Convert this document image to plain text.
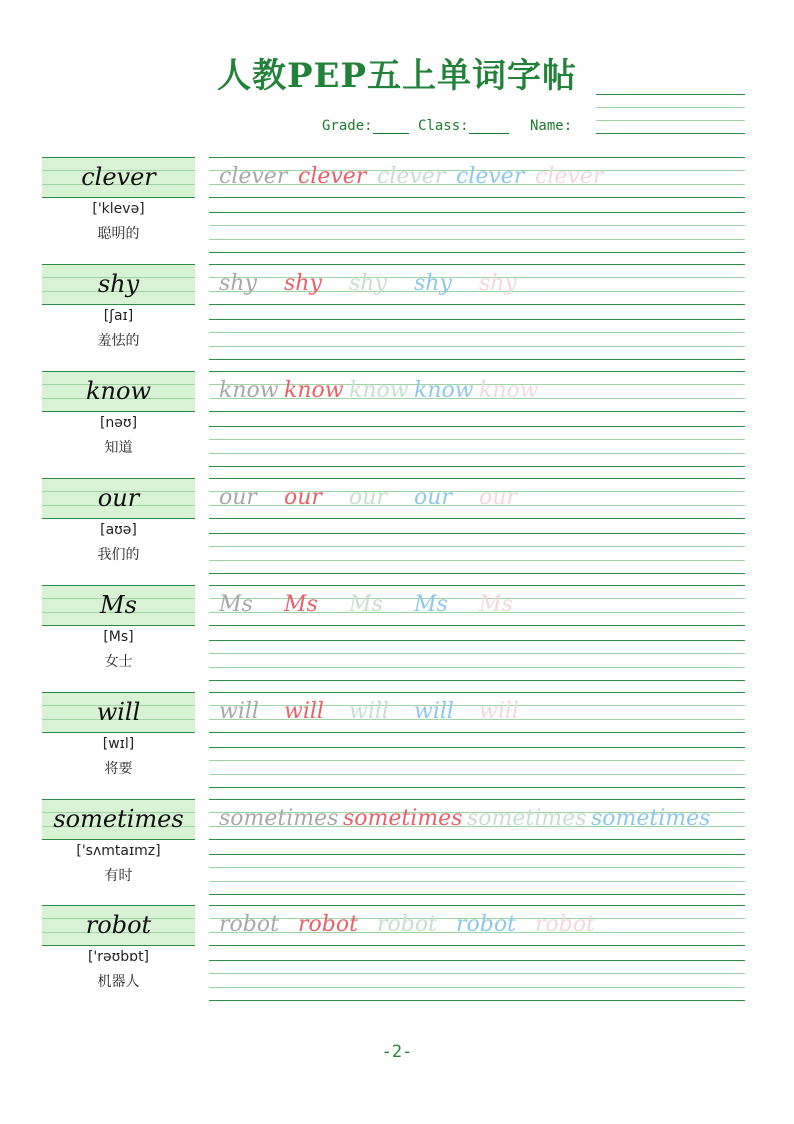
人教PEP五上单词字帖
Grade:	Class:	Name:
clever
['klevə]
聪明的
clever clever clever clever clever
shy
[ʃaɪ]
羞怯的
shy shy shy shy shy
know
[nəʊ]
知道
know know know know know
our
[aʊə]
我们的
our our our our our
Ms
[Ms]
女士
Ms Ms Ms Ms Ms
will
[wɪl]
将要
will will will will will
sometimes
['sʌmtaɪmz]
有时
sometimes sometimes sometimes sometimes
robot
['rəʊbɒt]
机器人
robot robot robot robot robot
-2-
